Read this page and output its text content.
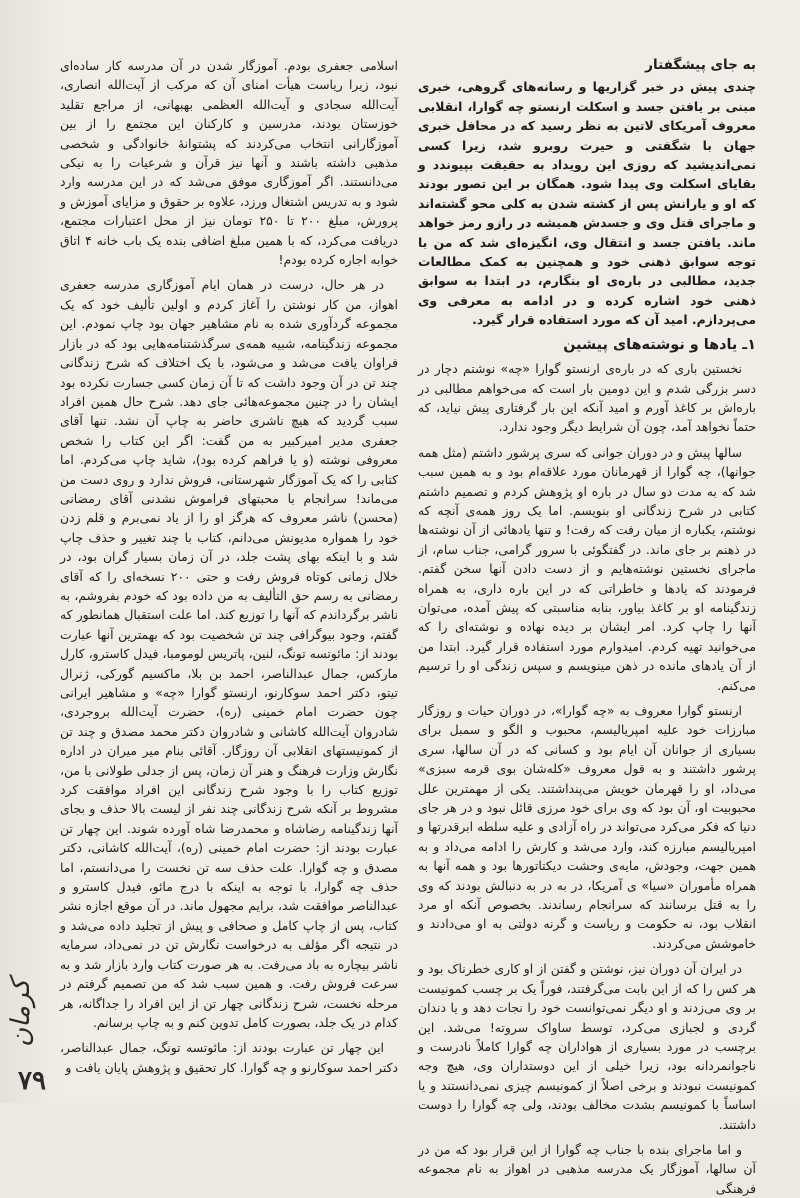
به جای پیشگفتار

چندی پیش در خبر گزاریها و رسانه‌های گروهی، خبری مبنی بر یافتن جسد و اسکلت ارنستو چه گوارا، انقلابی معروف آمریکای لاتین به نظر رسید که در محافل خبری جهان با شگفتی و حیرت روبرو شد، زیرا کسی نمی‌اندیشید که روزی این رویداد به حقیقت بپیوندد و بقایای اسکلت وی پیدا شود. همگان بر این تصور بودند که او و یارانش پس از کشته شدن به کلی محو گشته‌اند و ماجرای قتل وی و جسدش همیشه در رازو رمز خواهد ماند. یافتن جسد و انتقال وی، انگیزه‌ای شد که من با توجه سوابق ذهنی خود و همچنین به کمک مطالعات جدید، مطالبی در باره‌ی او بنگارم، در ابتدا به سوابق ذهنی خود اشاره کرده و در ادامه به معرفی وی می‌پردازم. امید آن که مورد استفاده قرار گیرد.

۱ـ یادها و نوشته‌های پیشین

نخستین باری که در باره‌ی ارنستو گوارا «چه» نوشتم دچار در دسر بزرگی شدم و این دومین بار است که می‌خواهم مطالبی در باره‌اش بر کاغذ آورم و امید آنکه این بار گرفتاری پیش نیاید، که حتماً نخواهد آمد، چون آن شرایط دیگر وجود ندارد.

سالها پیش و در دوران جوانی که سری پرشور داشتم (مثل همه جوانها)، چه گوارا از قهرمانان مورد علاقه‌ام بود و به همین سبب شد که به مدت دو سال در باره او پژوهش کردم و تصمیم داشتم کتابی در شرح زندگانی او بنویسم. اما یک روز همه‌ی آنچه که نوشتم، یکباره از میان رفت که رفت! و تنها یادهائی از آن نوشته‌ها در ذهنم بر جای ماند. در گفتگوئی با سرور گرامی، جناب سام، از ماجرای نخستین نوشته‌هایم و از دست دادن آنها سخن گفتم. فرمودند که یادها و خاطراتی که در این باره داری، به همراه زندگینامه او بر کاغذ بیاور، بنابه مناسبتی که پیش آمده، می‌توان آنها را چاپ کرد. امر ایشان بر دیده نهاده و نوشته‌ای را که می‌خوانید تهیه کردم. امیدوارم مورد استفاده قرار گیرد. ابتدا من از آن یادهای مانده در ذهن مینویسم و سپس زندگی او را ترسیم می‌کنم.

ارنستو گوارا معروف به «چه گوارا»، در دوران حیات و روزگار مبارزات خود علیه امپریالیسم، محبوب و الگو و سمبل برای بسیاری از جوانان آن ایام بود و کسانی که در آن سالها، سری پرشور داشتند و به قول معروف «کله‌شان بوی قرمه سبزی» می‌داد، او را قهرمان خویش می‌پنداشتند. یکی از مهمترین علل محبوبیت او، آن بود که وی برای خود مرزی قائل نبود و در هر جای دنیا که فکر می‌کرد می‌تواند در راه آزادی و علیه سلطه ابرقدرتها و امپریالیسم مبارزه کند، وارد می‌شد و کارش را ادامه می‌داد و به همین جهت، وجودش، مایه‌ی وحشت دیکتاتورها بود و همه آنها به همراه مأموران «سیا» ی آمریکا، در به در به دنبالش بودند که وی را به قتل برسانند که سرانجام رساندند. بخصوص آنکه او مرد انقلاب بود، نه حکومت و ریاست و گرنه دولتی به او می‌دادند و خاموشش می‌کردند.

در ایران آن دوران نیز، نوشتن و گفتن از او کاری خطرناک بود و هر کس را که از این بابت می‌گرفتند، فوراً یک بر چسب کمونیست بر وی می‌زدند و او دیگر نمی‌توانست خود را نجات دهد و یا دندان گردی و لجبازی می‌کرد، توسط ساواک سروته! می‌شد. این برچسب در مورد بسیاری از هواداران چه گوارا کاملاً نادرست و ناجوانمردانه بود، زیرا خیلی از این دوستداران وی، هیچ وجه کمونیست نبودند و برخی اصلاً از کمونیسم چیزی نمی‌دانستند و یا اساساً با کمونیسم بشدت مخالف بودند، ولی چه گوارا را دوست داشتند.

و اما ماجرای بنده با جناب چه گوارا از این قرار بود که من در آن سالها، آموزگار یک مدرسه مذهبی در اهواز به نام مجموعه فرهنگی

اسلامی جعفری بودم. آموزگار شدن در آن مدرسه کار ساده‌ای نبود، زیرا ریاست هیأت امنای آن که مرکب از آیت‌الله انصاری، آیت‌الله سجادی و آیت‌الله العظمی بهبهانی، از مراجع تقلید خوزستان بودند، مدرسین و کارکنان این مجتمع را از بین آموزگارانی انتخاب می‌کردند که پشتوانۀ خانوادگی و شخصی مذهبی داشته باشند و آنها نیز قرآن و شرعیات را به نیکی می‌دانستند. اگر آموزگاری موفق می‌شد که در این مدرسه وارد شود و به تدریس اشتغال ورزد، علاوه بر حقوق و مزایای آموزش و پرورش، مبلغ ۲۰۰ تا ۲۵۰ تومان نیز از محل اعتبارات مجتمع، دریافت می‌کرد، که با همین مبلغ اضافی بنده یک باب خانه ۴ اتاق خوابه اجاره کرده بودم!

در هر حال، درست در همان ایام آموزگاری مدرسه جعفری اهواز، من کار نوشتن را آغاز کردم و اولین تألیف خود که یک مجموعه گردآوری شده به نام مشاهیر جهان بود چاپ نمودم. این مجموعه زندگینامه، شبیه همه‌ی سرگذشتنامه‌هایی بود که در بازار فراوان یافت می‌شد و می‌شود، با یک اختلاف که شرح زندگانی چند تن در آن وجود داشت که تا آن زمان کسی جسارت نکرده بود ایشان را در چنین مجموعه‌هائی جای دهد. شرح حال همین افراد سبب گردید که هیچ ناشری حاضر به چاپ آن نشد. تنها آقای جعفری مدیر امیرکبیر به من گفت: اگر این کتاب را شخص معروفی نوشته (و یا فراهم کرده بود)، شاید چاپ می‌کردم. اما کتابی را که یک آموزگار شهرستانی، فروش ندارد و روی دست من می‌ماند! سرانجام با محبتهای فراموش نشدنی آقای رمضانی (محسن) ناشر معروف که هرگز او را از یاد نمی‌برم و قلم زدن خود را همواره مدیونش می‌دانم، کتاب با چند تغییر و حذف چاپ شد و با اینکه بهای پشت جلد، در آن زمان بسیار گران بود، در خلال زمانی کوتاه فروش رفت و حتی ۲۰۰ نسخه‌ای را که آقای رمضانی به رسم حق التألیف به من داده بود که خودم بفروشم، به ناشر برگرداندم که آنها را توزیع کند. اما علت استقبال همانطور که گفتم، وجود بیوگرافی چند تن شخصیت بود که بهمترین آنها عبارت بودند از: مائوتسه تونگ، لنین، پاتریس لومومبا، فیدل کاسترو، کارل مارکس، جمال عبدالناصر، احمد بن بلا، ماکسیم گورکی، ژنرال تیتو، دکتر احمد سوکارنو، ارنستو گوارا «چه» و مشاهیر ایرانی چون حضرت امام خمینی (ره)، حضرت آیت‌الله بروجردی، شادروان آیت‌الله کاشانی و شادروان دکتر محمد مصدق و چند تن از کمونیستهای انقلابی آن روزگار. آقائی بنام میر میران در اداره نگارش وزارت فرهنگ و هنر آن زمان، پس از جدلی طولانی با من، توزیع کتاب را با وجود شرح زندگانی این افراد موافقت کرد مشروط بر آنکه شرح زندگانی چند نفر از لیست بالا حذف و بجای آنها زندگینامه رضاشاه و محمدرضا شاه آورده شوند. این چهار تن عبارت بودند از: حضرت امام خمینی (ره)، آیت‌الله کاشانی، دکتر مصدق و چه گوارا. علت حذف سه تن نخست را می‌دانستم، اما حذف چه گوارا، با توجه به اینکه با درج مائو، فیدل کاسترو و عبدالناصر موافقت شد، برایم مجهول ماند. در آن موقع اجازه نشر کتاب، پس از چاپ کامل و صحافی و پیش از تجلید داده می‌شد و در نتیجه اگر مؤلف به درخواست نگارش تن در نمی‌داد، سرمایه ناشر بیچاره به باد می‌رفت. به هر صورت کتاب وارد بازار شد و به سرعت فروش رفت. و همین سبب شد که من تصمیم گرفتم در مرحله نخست، شرح زندگانی چهار تن از این افراد را جداگانه، هر کدام در یک جلد، بصورت کامل تدوین کنم و به چاپ برسانم.

این چهار تن عبارت بودند از: مائوتسه تونگ، جمال عبدالناصر، دکتر احمد سوکارنو و چه گوارا. کار تحقیق و پژوهش پایان یافت و

کرمان
۷۹
